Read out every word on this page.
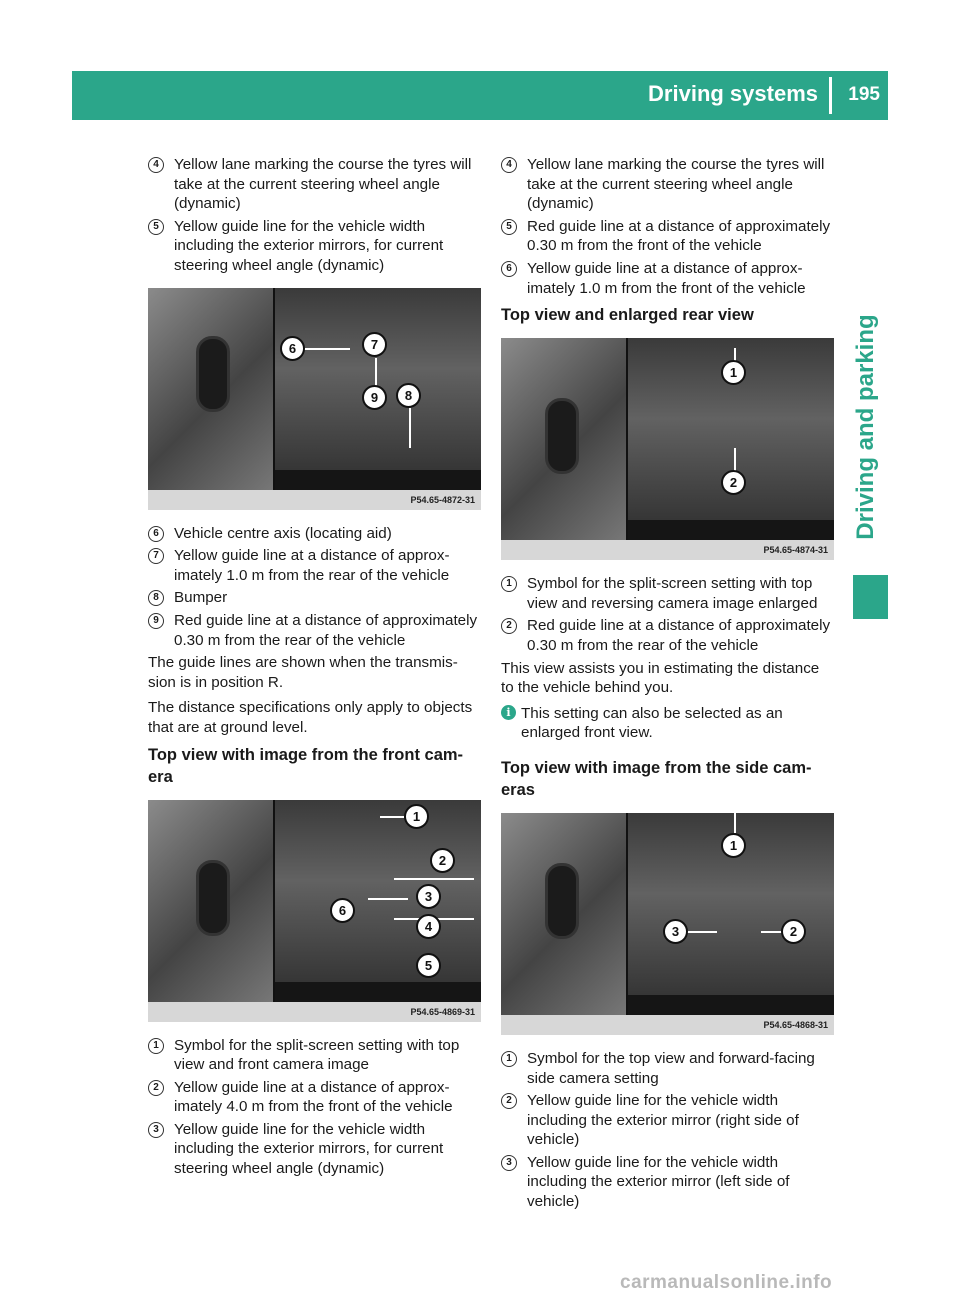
Driving systems 195
Driving and parking
4	Yellow lane marking the course the tyres will take at the current steering wheel angle (dynamic)
5	Yellow guide line for the vehicle width including the exterior mirrors, for current steering wheel angle (dynamic)
6	7
9	8
P54.65-4872-31
6	Vehicle centre axis (locating aid)
7	Yellow guide line at a distance of approx- imately 1.0 m from the rear of the vehicle
8	Bumper
9	Red guide line at a distance of approximately 0.30 m from the rear of the vehicle
The guide lines are shown when the transmis- sion is in position R.
The distance specifications only apply to objects that are at ground level.
Top view with image from the front cam- era
1
2
3
6
4
5
P54.65-4869-31
1	Symbol for the split-screen setting with top view and front camera image
2	Yellow guide line at a distance of approx- imately 4.0 m from the front of the vehicle
3	Yellow guide line for the vehicle width including the exterior mirrors, for current steering wheel angle (dynamic)
4	Yellow lane marking the course the tyres will take at the current steering wheel angle (dynamic)
5	Red guide line at a distance of approximately 0.30 m from the front of the vehicle
6	Yellow guide line at a distance of approx- imately 1.0 m from the front of the vehicle
Top view and enlarged rear view
1
2
P54.65-4874-31
1	Symbol for the split-screen setting with top view and reversing camera image enlarged
2	Red guide line at a distance of approximately 0.30 m from the rear of the vehicle
This view assists you in estimating the distance to the vehicle behind you.
i This setting can also be selected as an enlarged front view.
Top view with image from the side cam- eras
1
3	2
P54.65-4868-31
1	Symbol for the top view and forward-facing side camera setting
2	Yellow guide line for the vehicle width including the exterior mirror (right side of vehicle)
3	Yellow guide line for the vehicle width including the exterior mirror (left side of vehicle)
carmanualsonline.info
